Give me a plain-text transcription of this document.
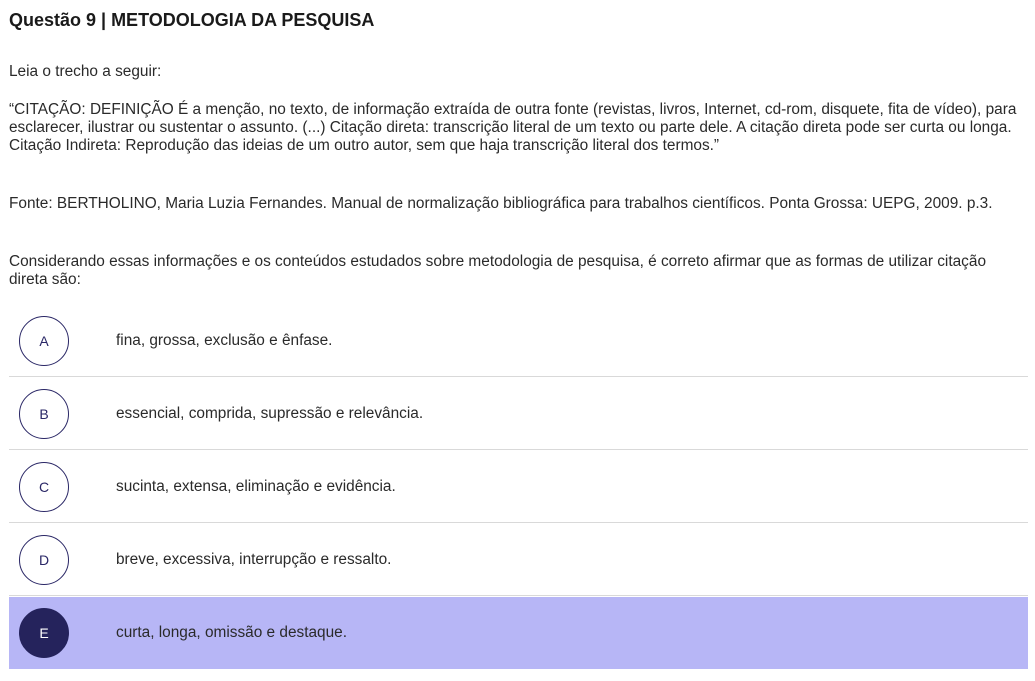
Questão 9 | METODOLOGIA DA PESQUISA
Leia o trecho a seguir:
“CITAÇÃO: DEFINIÇÃO É a menção, no texto, de informação extraída de outra fonte (revistas, livros, Internet, cd-rom, disquete, fita de vídeo), para esclarecer, ilustrar ou sustentar o assunto. (...) Citação direta: transcrição literal de um texto ou parte dele. A citação direta pode ser curta ou longa. Citação Indireta: Reprodução das ideias de um outro autor, sem que haja transcrição literal dos termos.”
Fonte: BERTHOLINO, Maria Luzia Fernandes. Manual de normalização bibliográfica para trabalhos científicos. Ponta Grossa: UEPG, 2009. p.3.
Considerando essas informações e os conteúdos estudados sobre metodologia de pesquisa, é correto afirmar que as formas de utilizar citação direta são:
A	fina, grossa, exclusão e ênfase.
B	essencial, comprida, supressão e relevância.
C	sucinta, extensa, eliminação e evidência.
D	breve, excessiva, interrupção e ressalto.
E	curta, longa, omissão e destaque.
